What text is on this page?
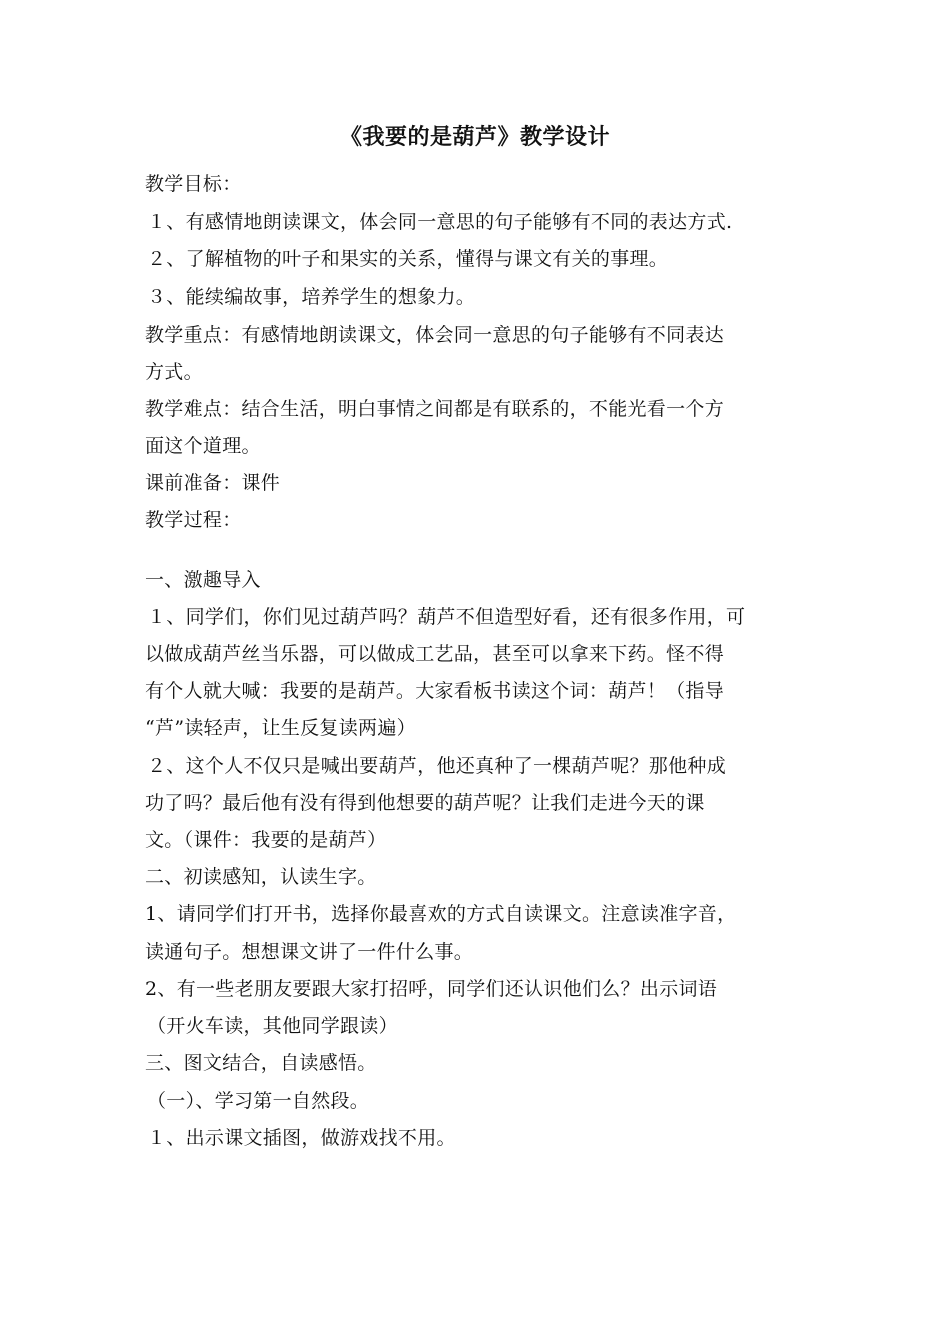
《我要的是葫芦》教学设计
教学目标：
１、有感情地朗读课文，体会同一意思的句子能够有不同的表达方式.
２、了解植物的叶子和果实的关系，懂得与课文有关的事理。
３、能续编故事，培养学生的想象力。
教学重点：有感情地朗读课文，体会同一意思的句子能够有不同表达
方式。
教学难点：结合生活，明白事情之间都是有联系的，不能光看一个方
面这个道理。
课前准备：课件
教学过程：
一、激趣导入
１、同学们，你们见过葫芦吗？葫芦不但造型好看，还有很多作用，可
以做成葫芦丝当乐器，可以做成工艺品，甚至可以拿来下药。怪不得
有个人就大喊：我要的是葫芦。大家看板书读这个词：葫芦！（指导
“芦”读轻声，让生反复读两遍）
２、这个人不仅只是喊出要葫芦，他还真种了一棵葫芦呢？那他种成
功了吗？最后他有没有得到他想要的葫芦呢？让我们走进今天的课
文。（课件：我要的是葫芦）
二、初读感知，认读生字。
1、请同学们打开书，选择你最喜欢的方式自读课文。注意读准字音，
读通句子。想想课文讲了一件什么事。
2、有一些老朋友要跟大家打招呼，同学们还认识他们么？出示词语
（开火车读，其他同学跟读）
三、图文结合，自读感悟。
（一）、学习第一自然段。
１、出示课文插图，做游戏找不用。
